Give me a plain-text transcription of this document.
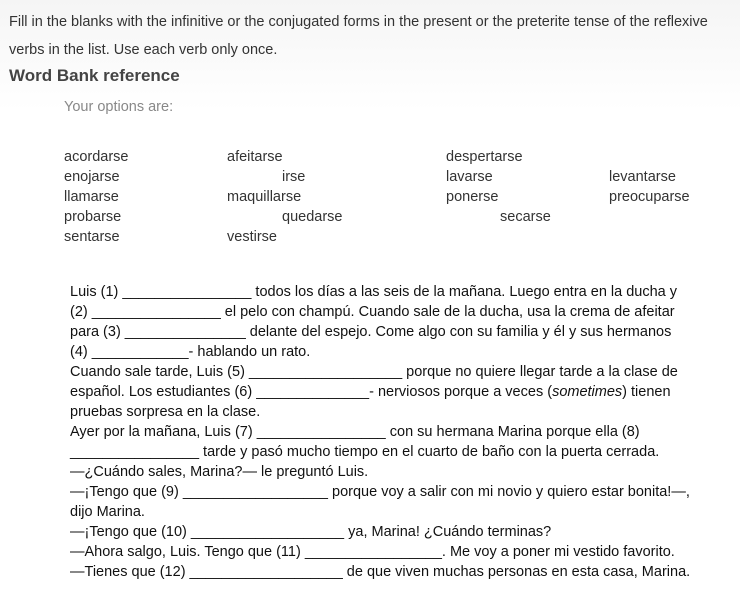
Fill in the blanks with the infinitive or the conjugated forms in the present or the preterite tense of the reflexive verbs in the list. Use each verb only once.
Word Bank reference
Your options are:
acordarse	afeitarse	despertarse
enojarse	irse	lavarse	levantarse
llamarse	maquillarse	ponerse	preocuparse
probarse	quedarse	secarse
sentarse	vestirse
Luis (1) ________________ todos los días a las seis de la mañana. Luego entra en la ducha y
(2) ________________ el pelo con champú. Cuando sale de la ducha, usa la crema de afeitar
para (3) _______________ delante del espejo. Come algo con su familia y él y sus hermanos
(4) ____________- hablando un rato.
Cuando sale tarde, Luis (5) ___________________ porque no quiere llegar tarde a la clase de
español. Los estudiantes (6) ______________- nerviosos porque a veces (sometimes) tienen
pruebas sorpresa en la clase.
Ayer por la mañana, Luis (7) ________________ con su hermana Marina porque ella (8)
________________ tarde y pasó mucho tiempo en el cuarto de baño con la puerta cerrada.
—¿Cuándo sales, Marina?— le preguntó Luis.
—¡Tengo que (9) __________________ porque voy a salir con mi novio y quiero estar bonita!—,
dijo Marina.
—¡Tengo que (10) ___________________ ya, Marina! ¿Cuándo terminas?
—Ahora salgo, Luis. Tengo que (11) _________________. Me voy a poner mi vestido favorito.
—Tienes que (12) ___________________ de que viven muchas personas en esta casa, Marina.
